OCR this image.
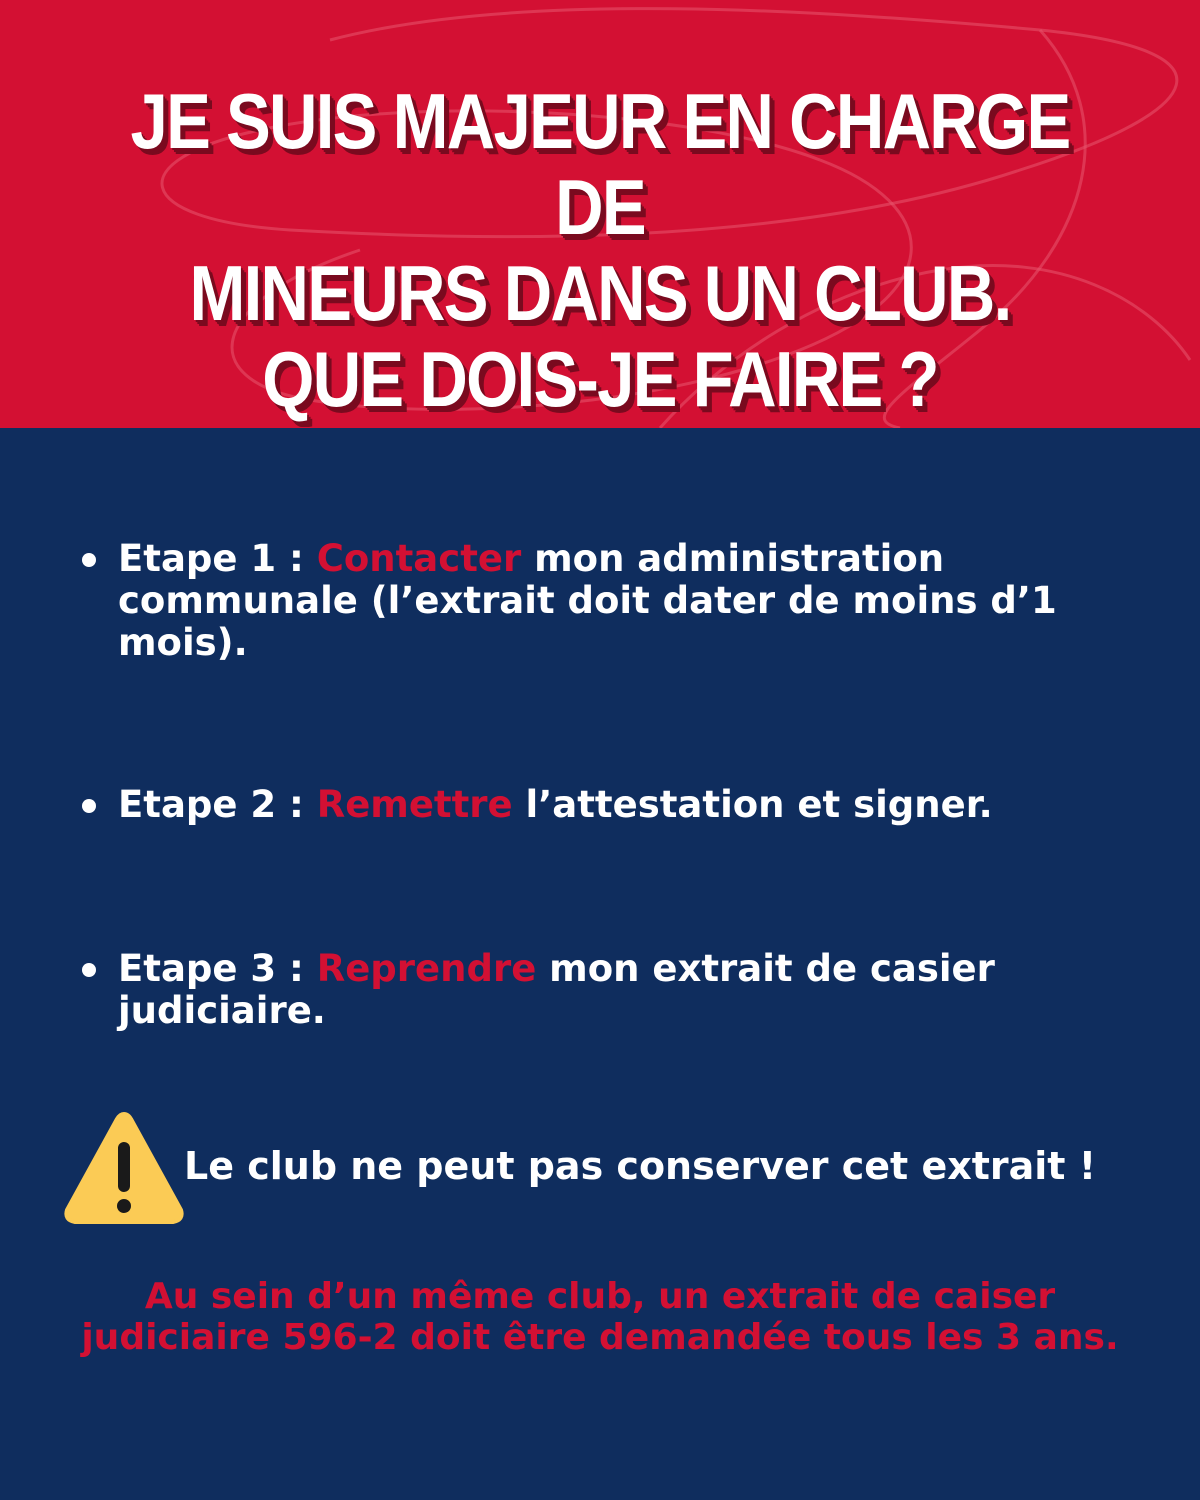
JE SUIS MAJEUR EN CHARGE DE
MINEURS DANS UN CLUB.
QUE DOIS-JE FAIRE ?

Etape 1 : Contacter mon administration communale (l’extrait doit dater de moins d’1 mois).

Etape 2 : Remettre l’attestation et signer.

Etape 3 : Reprendre mon extrait de casier judiciaire.

Le club ne peut pas conserver cet extrait !

Au sein d’un même club, un extrait de caiser
judiciaire 596-2 doit être demandée tous les 3 ans.
